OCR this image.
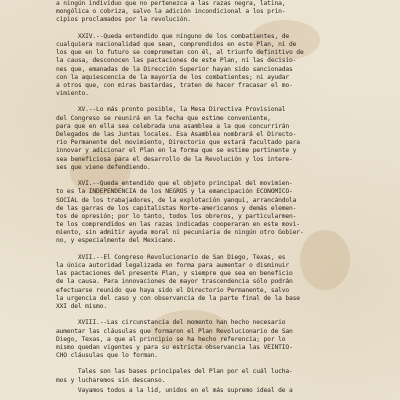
a ningún individuo que no pertenezca a las razas negra, latina,
mongólica o cobriza, salvo la adición incondicional a los prin-
cipios proclamados por la revolución.
XXIV.--Queda entendido que ninguno de los combatientes, de
cualquiera nacionalidad que sean, comprendidos en este Plan, ni de
los que en lo futuro se comprometan con él, al triunfo definitivo de
la causa, desconocen las pactaciones de este Plan, ni las decisio-
nes que, emanadas de la Dirección Superior hayan sido sancionadas
con la aquiescencia de la mayoría de los combatientes; ni ayudar
a otros que, con miras bastardas, traten de hacer fracasar el mo-
vimiento.
XV.--Lo más pronto posible, la Mesa Directiva Provisional
del Congreso se reunirá en la fecha que estime conveniente,
para que en ella sea celebrada una asamblea a la que concurrirán
Delegados de las Juntas locales. Esa Asamblea nombrará el Directo-
rio Permanente del movimiento, Directorio que estará facultado para
innovar y adicionar el Plan en la forma que se estime pertinente y
sea beneficiosa para el desarrollo de la Revolución y los intere-
ses que viene defendiendo.
XVI.--Queda entendido que el objeto principal del movimien-
to es la INDEPENDENCIA de los NEGROS y la emancipación ECONOMICO-
SOCIAL de los trabajadores, de la explotación yanqui, arrancándola
de las garras de los capitalistas Norte-americanos y demás elemen-
tos de opresión; por lo tanto, todos los obreros, y particularmen-
te los comprendidos en las razas indicadas cooperaran en este movi-
miento, sin admitir ayuda moral ni pecuniaria de ningún otro Gobier-
no, y especialmente del Mexicano.
XVII.--El Congreso Revolucionario de San Diego, Texas, es
la única autoridad legalizada en forma para aumentar o disminuir
las pactaciones del presente Plan, y siempre que sea en beneficio
de la causa. Para innovaciones de mayor trascendencia sólo podrán
efectuarse reunido que haya sido el Directorio Permanente, salvo
la urgencia del caso y con observancia de la parte final de la base
XXI del mismo.
XVIII.--Las circunstancia del momento han hecho necesario
aumentar las cláusulas que formaron el Plan Revolucionario de San
Diego, Texas, a que al principio se ha hecho referencia; por lo
mismo quedan vigentes y para su estricta observancia las VEINTIO-
CHO cláusulas que lo forman.
Tales son las bases principales del Plan por el cuál lucha-
mos y lucharemos sin descanso.
Vayamos todos a la lid, unidos en el más supremo ideal de a
